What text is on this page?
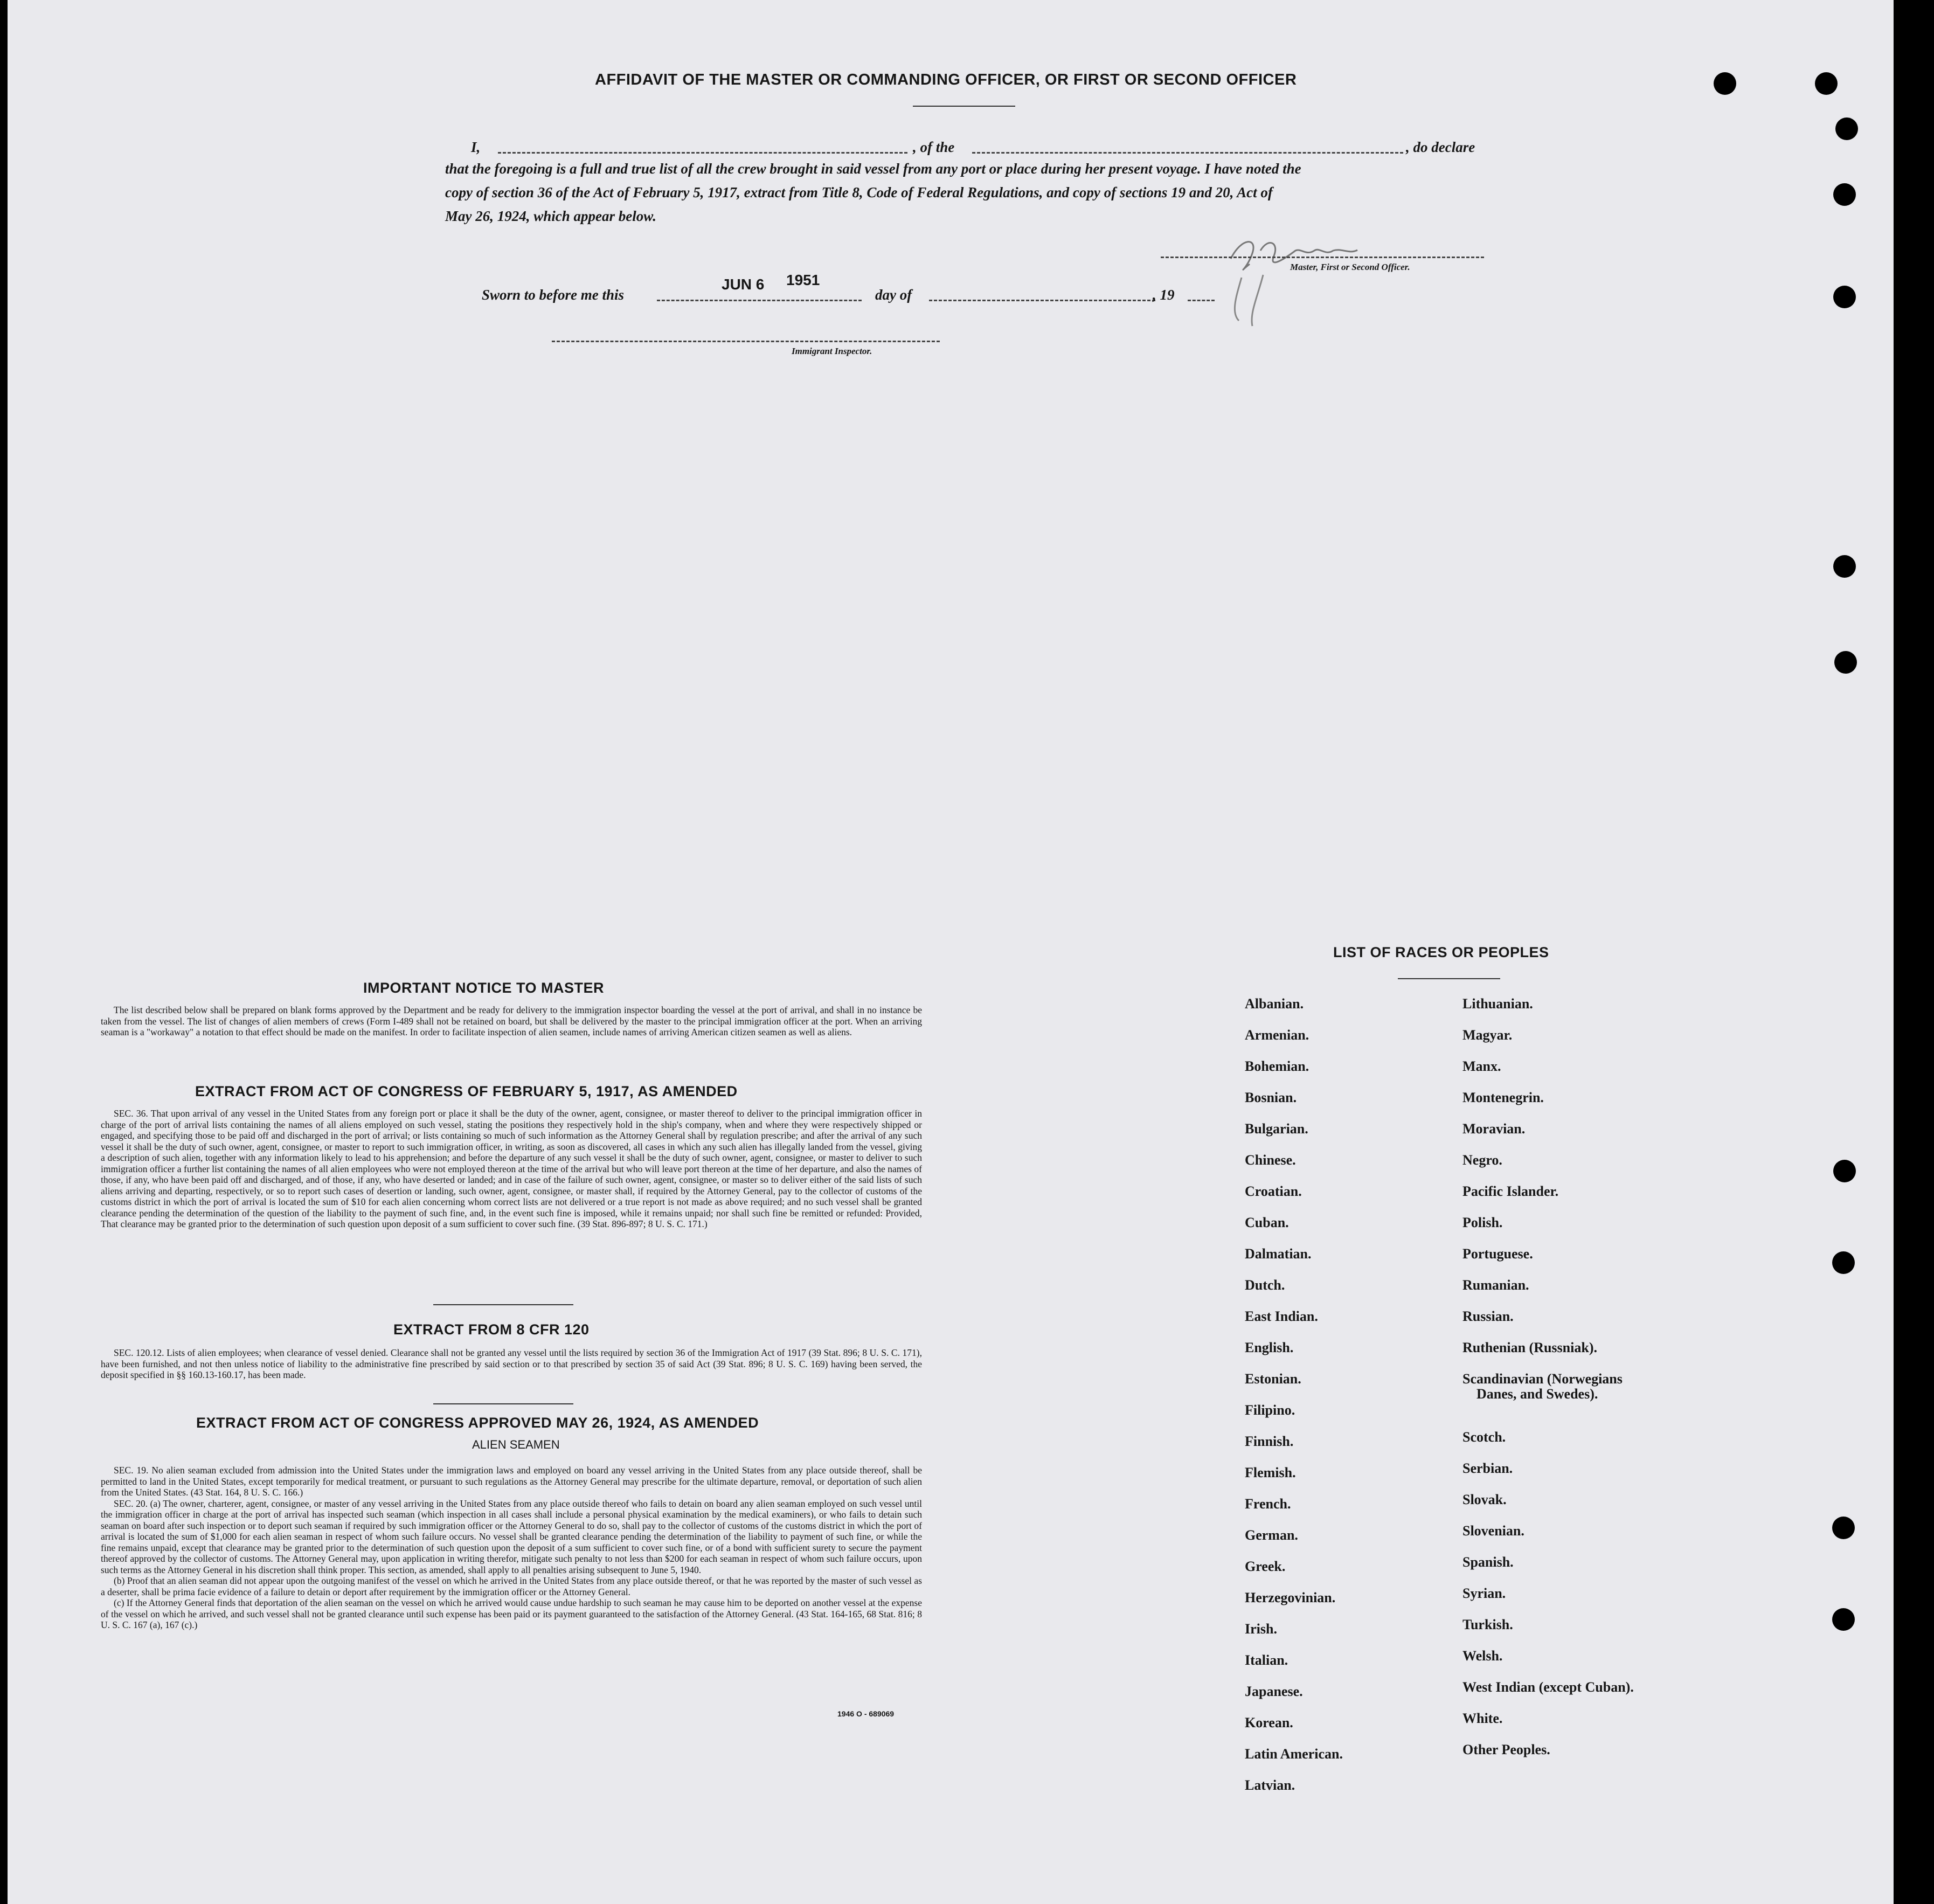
AFFIDAVIT OF THE MASTER OR COMMANDING OFFICER, OR FIRST OR SECOND OFFICER
I,	, of the	, do declare
that the foregoing is a full and true list of all the crew brought in said vessel from any port or place during her present voyage. I have noted the
copy of section 36 of the Act of February 5, 1917, extract from Title 8, Code of Federal Regulations, and copy of sections 19 and 20, Act of
May 26, 1924, which appear below.
Master, First or Second Officer.
Sworn to before me this
JUN 6 1951
day of	, 19
Immigrant Inspector.
IMPORTANT NOTICE TO MASTER

The list described below shall be prepared on blank forms approved by the Department and be ready for delivery to the immigration inspector boarding the vessel at the port of arrival, and shall in no instance be taken from the vessel. The list of changes of alien members of crews (Form I-489 shall not be retained on board, but shall be delivered by the master to the principal immigration officer at the port. When an arriving seaman is a "workaway" a notation to that effect should be made on the manifest. In order to facilitate inspection of alien seamen, include names of arriving American citizen seamen as well as aliens.

EXTRACT FROM ACT OF CONGRESS OF FEBRUARY 5, 1917, AS AMENDED

SEC. 36. That upon arrival of any vessel in the United States from any foreign port or place it shall be the duty of the owner, agent, consignee, or master thereof to deliver to the principal immigration officer in charge of the port of arrival lists containing the names of all aliens employed on such vessel, stating the positions they respectively hold in the ship's company, when and where they were respectively shipped or engaged, and specifying those to be paid off and discharged in the port of arrival; or lists containing so much of such information as the Attorney General shall by regulation prescribe; and after the arrival of any such vessel it shall be the duty of such owner, agent, consignee, or master to report to such immigration officer, in writing, as soon as discovered, all cases in which any such alien has illegally landed from the vessel, giving a description of such alien, together with any information likely to lead to his apprehension; and before the departure of any such vessel it shall be the duty of such owner, agent, consignee, or master to deliver to such immigration officer a further list containing the names of all alien employees who were not employed thereon at the time of the arrival but who will leave port thereon at the time of her departure, and also the names of those, if any, who have been paid off and discharged, and of those, if any, who have deserted or landed; and in case of the failure of such owner, agent, consignee, or master so to deliver either of the said lists of such aliens arriving and departing, respectively, or so to report such cases of desertion or landing, such owner, agent, consignee, or master shall, if required by the Attorney General, pay to the collector of customs of the customs district in which the port of arrival is located the sum of $10 for each alien concerning whom correct lists are not delivered or a true report is not made as above required; and no such vessel shall be granted clearance pending the determination of the question of the liability to the payment of such fine, and, in the event such fine is imposed, while it remains unpaid; nor shall such fine be remitted or refunded: Provided, That clearance may be granted prior to the determination of such question upon deposit of a sum sufficient to cover such fine. (39 Stat. 896-897; 8 U. S. C. 171.)

EXTRACT FROM 8 CFR 120

SEC. 120.12. Lists of alien employees; when clearance of vessel denied. Clearance shall not be granted any vessel until the lists required by section 36 of the Immigration Act of 1917 (39 Stat. 896; 8 U. S. C. 171), have been furnished, and not then unless notice of liability to the administrative fine prescribed by said section or to that prescribed by section 35 of said Act (39 Stat. 896; 8 U. S. C. 169) having been served, the deposit specified in §§ 160.13-160.17, has been made.

EXTRACT FROM ACT OF CONGRESS APPROVED MAY 26, 1924, AS AMENDED
ALIEN SEAMEN

SEC. 19. No alien seaman excluded from admission into the United States under the immigration laws and employed on board any vessel arriving in the United States from any place outside thereof, shall be permitted to land in the United States, except temporarily for medical treatment, or pursuant to such regulations as the Attorney General may prescribe for the ultimate departure, removal, or deportation of such alien from the United States. (43 Stat. 164, 8 U. S. C. 166.)

SEC. 20. (a) The owner, charterer, agent, consignee, or master of any vessel arriving in the United States from any place outside thereof who fails to detain on board any alien seaman employed on such vessel until the immigration officer in charge at the port of arrival has inspected such seaman (which inspection in all cases shall include a personal physical examination by the medical examiners), or who fails to detain such seaman on board after such inspection or to deport such seaman if required by such immigration officer or the Attorney General to do so, shall pay to the collector of customs of the customs district in which the port of arrival is located the sum of $1,000 for each alien seaman in respect of whom such failure occurs. No vessel shall be granted clearance pending the determination of the liability to payment of such fine, or while the fine remains unpaid, except that clearance may be granted prior to the determination of such question upon the deposit of a sum sufficient to cover such fine, or of a bond with sufficient surety to secure the payment thereof approved by the collector of customs. The Attorney General may, upon application in writing therefor, mitigate such penalty to not less than $200 for each seaman in respect of whom such failure occurs, upon such terms as the Attorney General in his discretion shall think proper. This section, as amended, shall apply to all penalties arising subsequent to June 5, 1940.

(b) Proof that an alien seaman did not appear upon the outgoing manifest of the vessel on which he arrived in the United States from any place outside thereof, or that he was reported by the master of such vessel as a deserter, shall be prima facie evidence of a failure to detain or deport after requirement by the immigration officer or the Attorney General.

(c) If the Attorney General finds that deportation of the alien seaman on the vessel on which he arrived would cause undue hardship to such seaman he may cause him to be deported on another vessel at the expense of the vessel on which he arrived, and such vessel shall not be granted clearance until such expense has been paid or its payment guaranteed to the satisfaction of the Attorney General. (43 Stat. 164-165, 68 Stat. 816; 8 U. S. C. 167 (a), 167 (c).)

1946 O - 689069
LIST OF RACES OR PEOPLES
Albanian.
Armenian.
Bohemian.
Bosnian.
Bulgarian.
Chinese.
Croatian.
Cuban.
Dalmatian.
Dutch.
East Indian.
English.
Estonian.
Filipino.
Finnish.
Flemish.
French.
German.
Greek.
Herzegovinian.
Irish.
Italian.
Japanese.
Korean.
Latin American.
Latvian.
Lithuanian.
Magyar.
Manx.
Montenegrin.
Moravian.
Negro.
Pacific Islander.
Polish.
Portuguese.
Rumanian.
Russian.
Ruthenian (Russniak).
Scandinavian (Norwegians
Danes, and Swedes).
Scotch.
Serbian.
Slovak.
Slovenian.
Spanish.
Syrian.
Turkish.
Welsh.
West Indian (except Cuban).
White.
Other Peoples.
